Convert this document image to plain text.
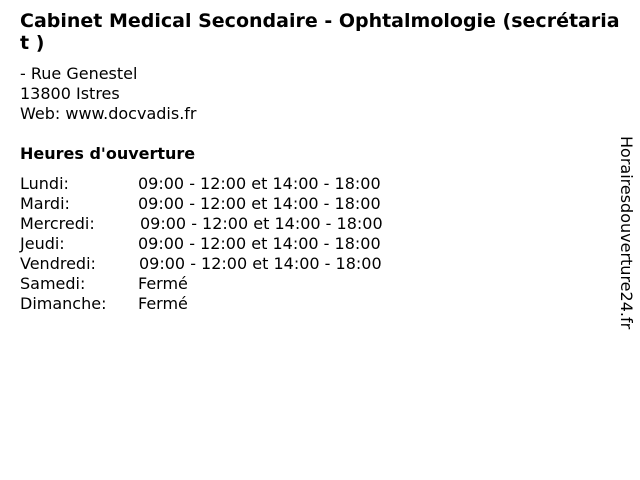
Cabinet Medical Secondaire - Ophtalmologie (secrétariat )
- Rue Genestel
13800 Istres
Web: www.docvadis.fr
Heures d'ouverture
Lundi:	09:00 - 12:00 et 14:00 - 18:00
Mardi:	09:00 - 12:00 et 14:00 - 18:00
Mercredi:	09:00 - 12:00 et 14:00 - 18:00
Jeudi:	09:00 - 12:00 et 14:00 - 18:00
Vendredi:	09:00 - 12:00 et 14:00 - 18:00
Samedi:	Fermé
Dimanche: Fermé	Horairesdouverture24.fr
